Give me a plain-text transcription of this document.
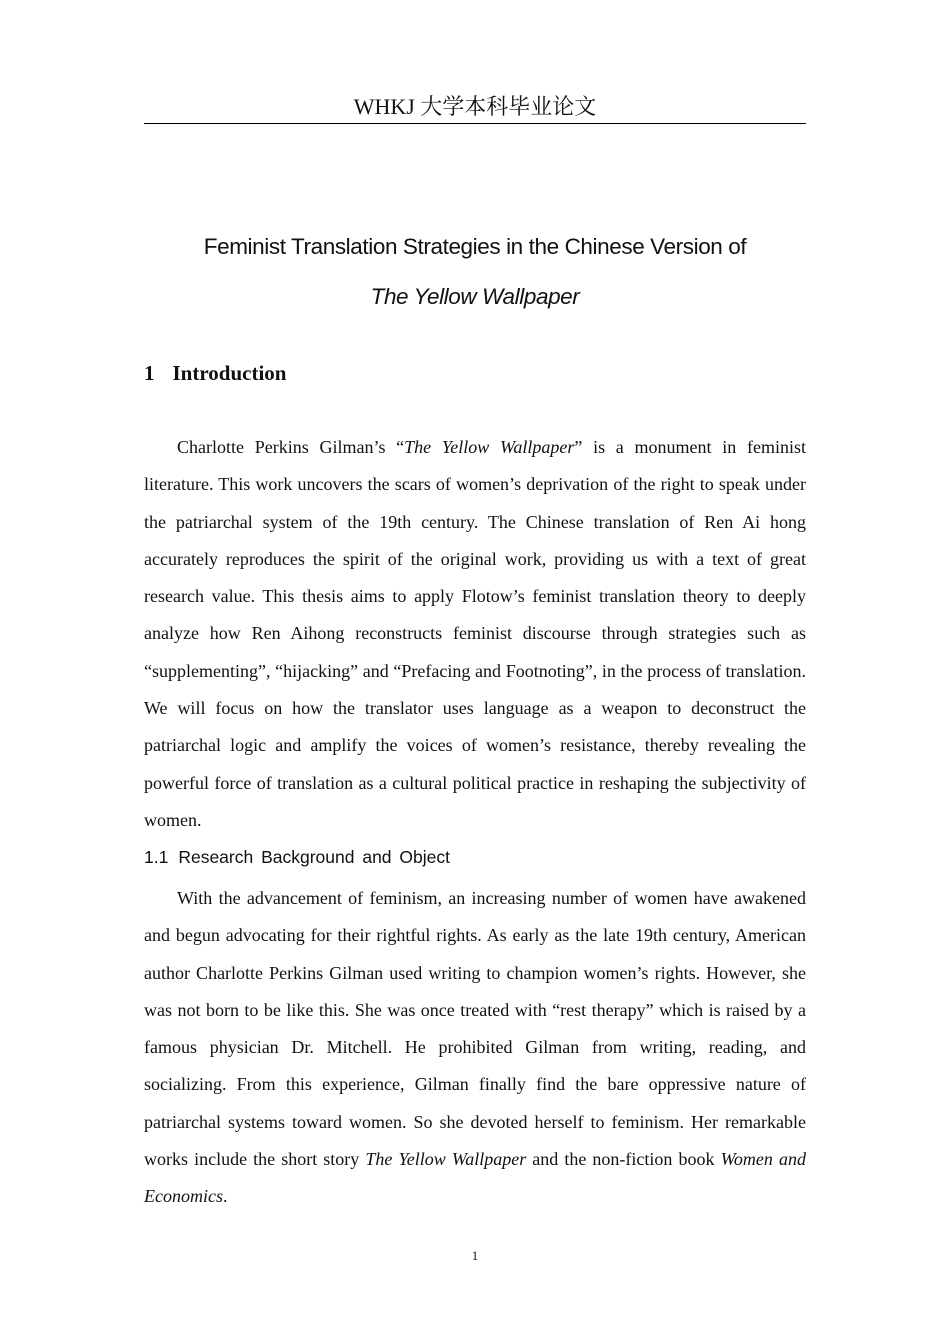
WHKJ 大学本科毕业论文
Feminist Translation Strategies in the Chinese Version of
The Yellow Wallpaper
1 Introduction

Charlotte Perkins Gilman’s “The Yellow Wallpaper” is a monument in feminist literature. This work uncovers the scars of women’s deprivation of the right to speak under the patriarchal system of the 19th century. The Chinese translation of Ren Ai hong accurately reproduces the spirit of the original work, providing us with a text of great research value. This thesis aims to apply Flotow’s feminist translation theory to deeply analyze how Ren Aihong reconstructs feminist discourse through strategies such as “supplementing”, “hijacking” and “Prefacing and Footnoting”, in the process of translation. We will focus on how the translator uses language as a weapon to deconstruct the patriarchal logic and amplify the voices of women’s resistance, thereby revealing the powerful force of translation as a cultural political practice in reshaping the subjectivity of women.

1.1 Research Background and Object

With the advancement of feminism, an increasing number of women have awakened and begun advocating for their rightful rights. As early as the late 19th century, American author Charlotte Perkins Gilman used writing to champion women’s rights. However, she was not born to be like this. She was once treated with “rest therapy” which is raised by a famous physician Dr. Mitchell. He prohibited Gilman from writing, reading, and socializing. From this experience, Gilman finally find the bare oppressive nature of patriarchal systems toward women. So she devoted herself to feminism. Her remarkable works include the short story The Yellow Wallpaper and the non-fiction book Women and Economics.

1
